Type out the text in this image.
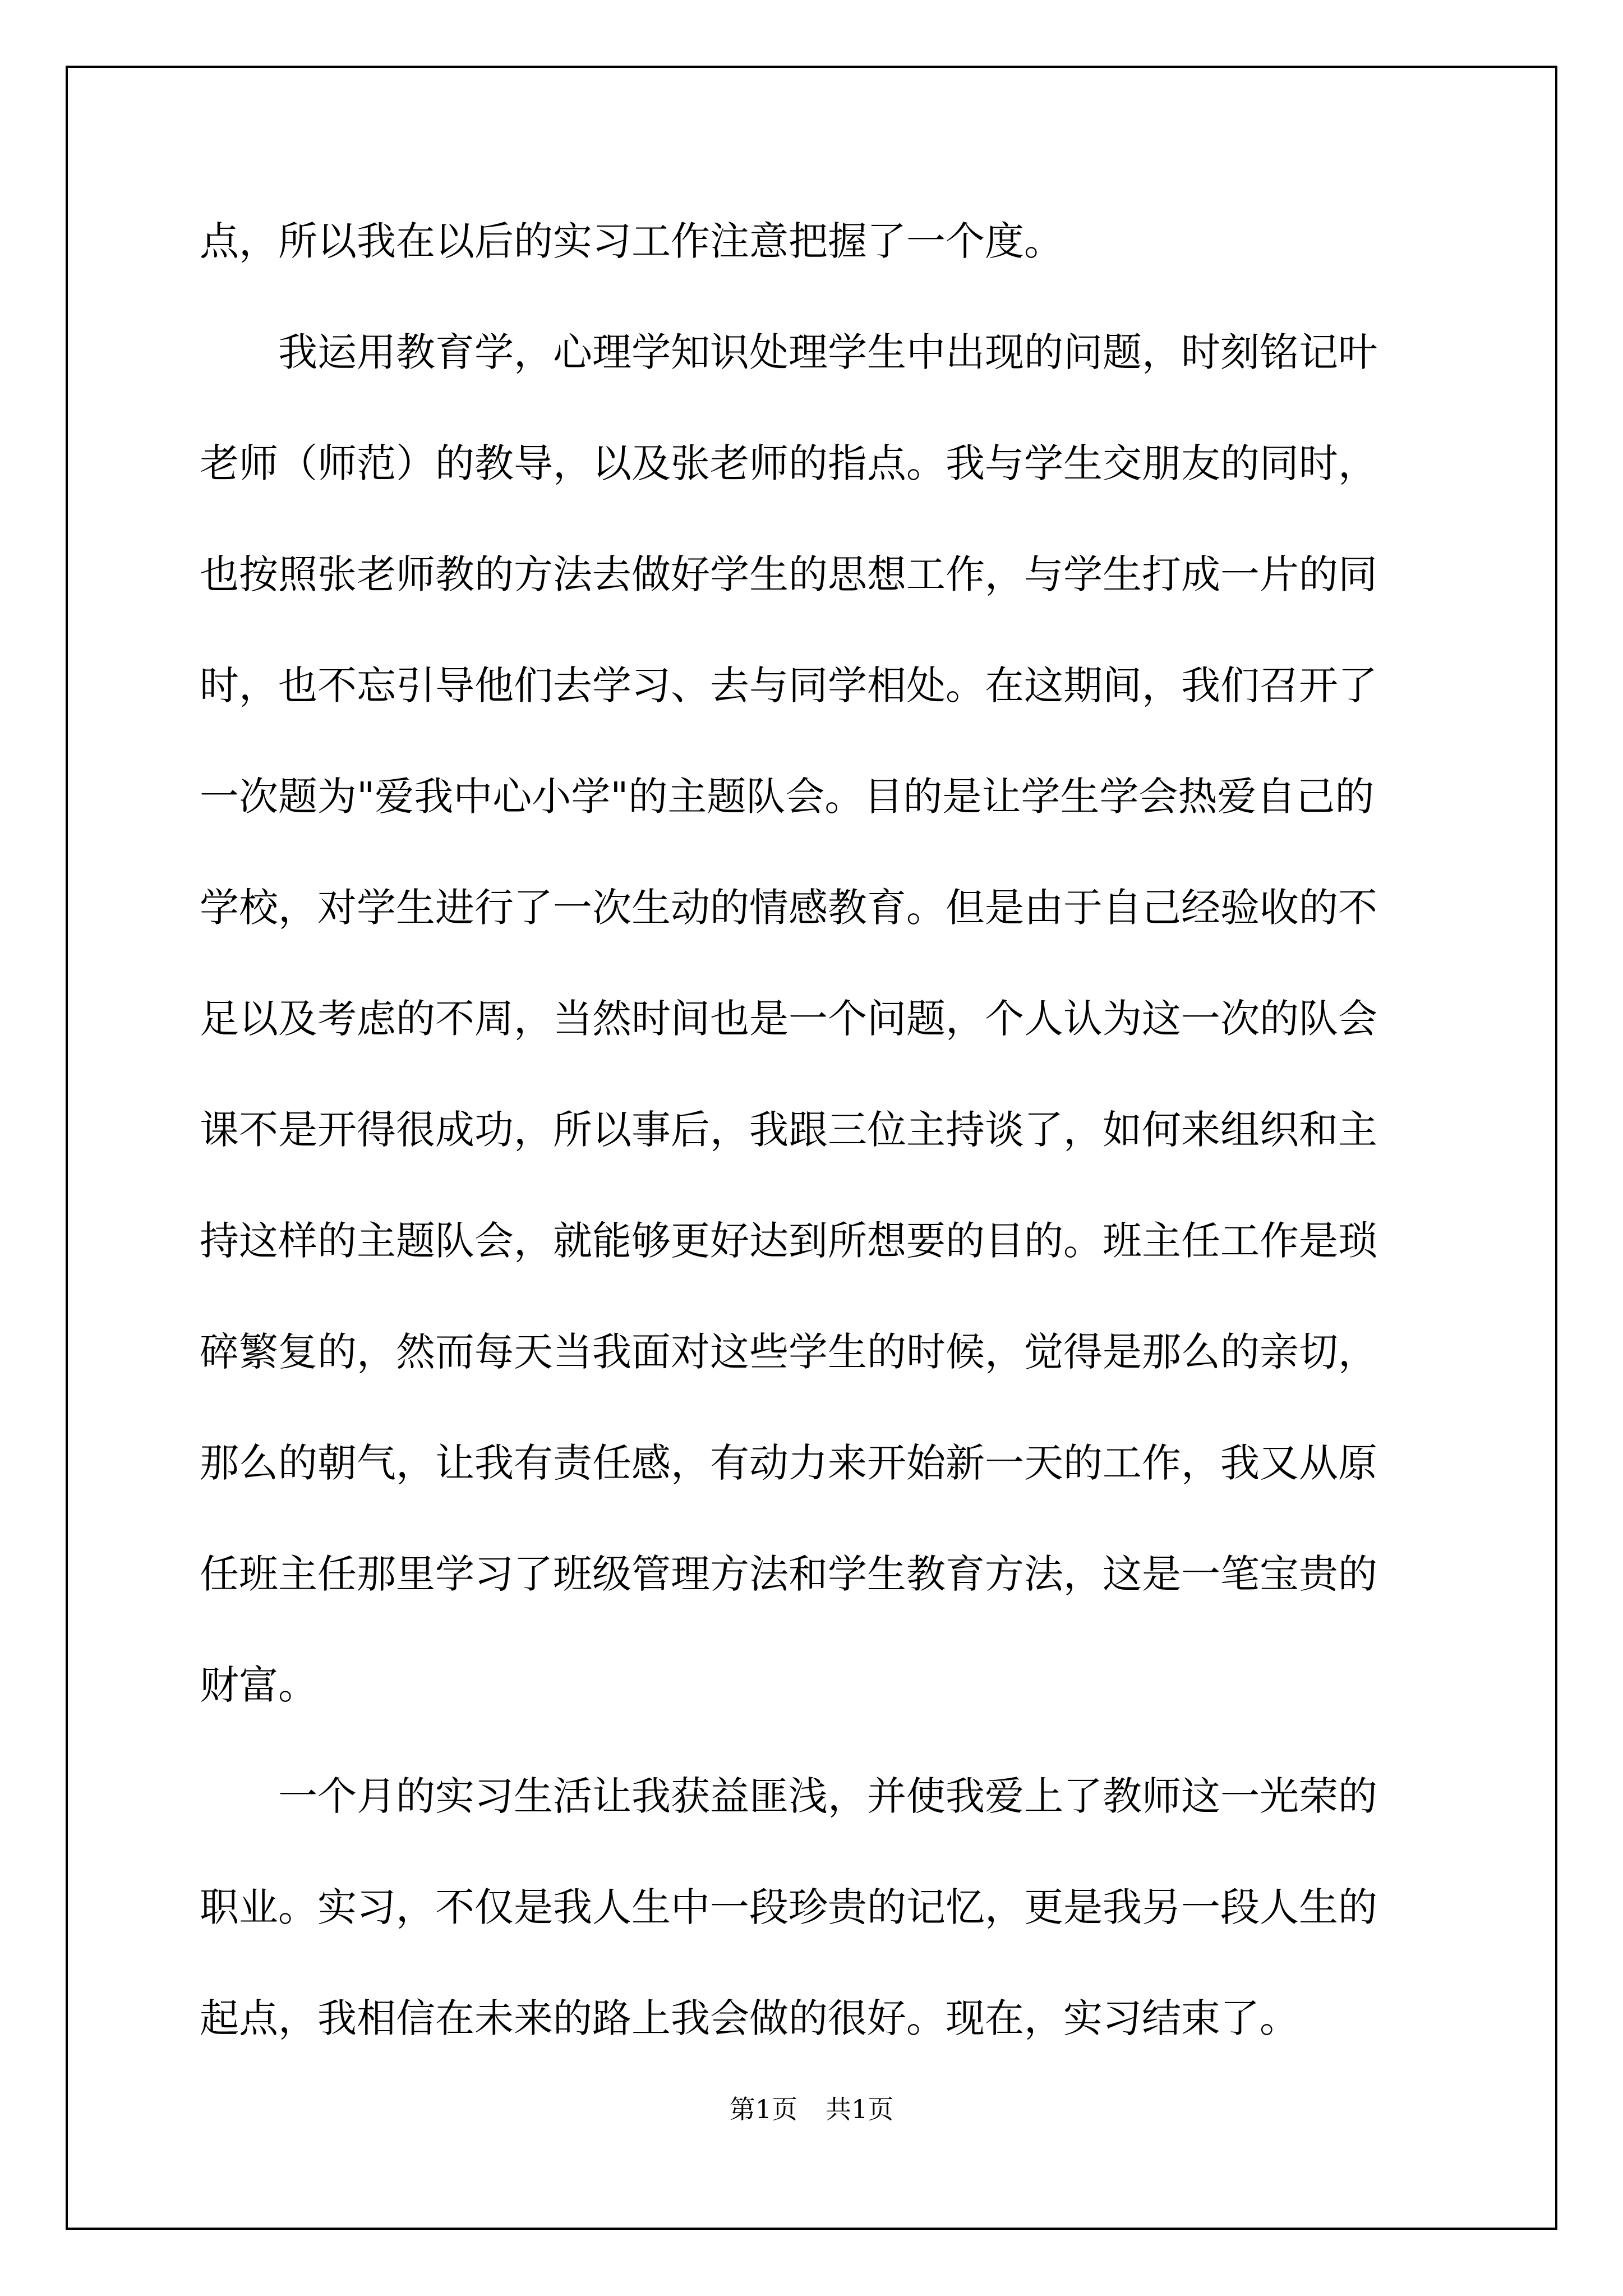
点，所以我在以后的实习工作注意把握了一个度。
　　我运用教育学，心理学知识处理学生中出现的问题，时刻铭记叶
老师（师范）的教导，以及张老师的指点。我与学生交朋友的同时，
也按照张老师教的方法去做好学生的思想工作，与学生打成一片的同
时，也不忘引导他们去学习、去与同学相处。在这期间，我们召开了
一次题为"爱我中心小学"的主题队会。目的是让学生学会热爱自己的
学校，对学生进行了一次生动的情感教育。但是由于自己经验收的不
足以及考虑的不周，当然时间也是一个问题，个人认为这一次的队会
课不是开得很成功，所以事后，我跟三位主持谈了，如何来组织和主
持这样的主题队会，就能够更好达到所想要的目的。班主任工作是琐
碎繁复的，然而每天当我面对这些学生的时候，觉得是那么的亲切，
那么的朝气，让我有责任感，有动力来开始新一天的工作，我又从原
任班主任那里学习了班级管理方法和学生教育方法，这是一笔宝贵的
财富。
　　一个月的实习生活让我获益匪浅，并使我爱上了教师这一光荣的
职业。实习，不仅是我人生中一段珍贵的记忆，更是我另一段人生的
起点，我相信在未来的路上我会做的很好。现在，实习结束了。
第1页 共1页
